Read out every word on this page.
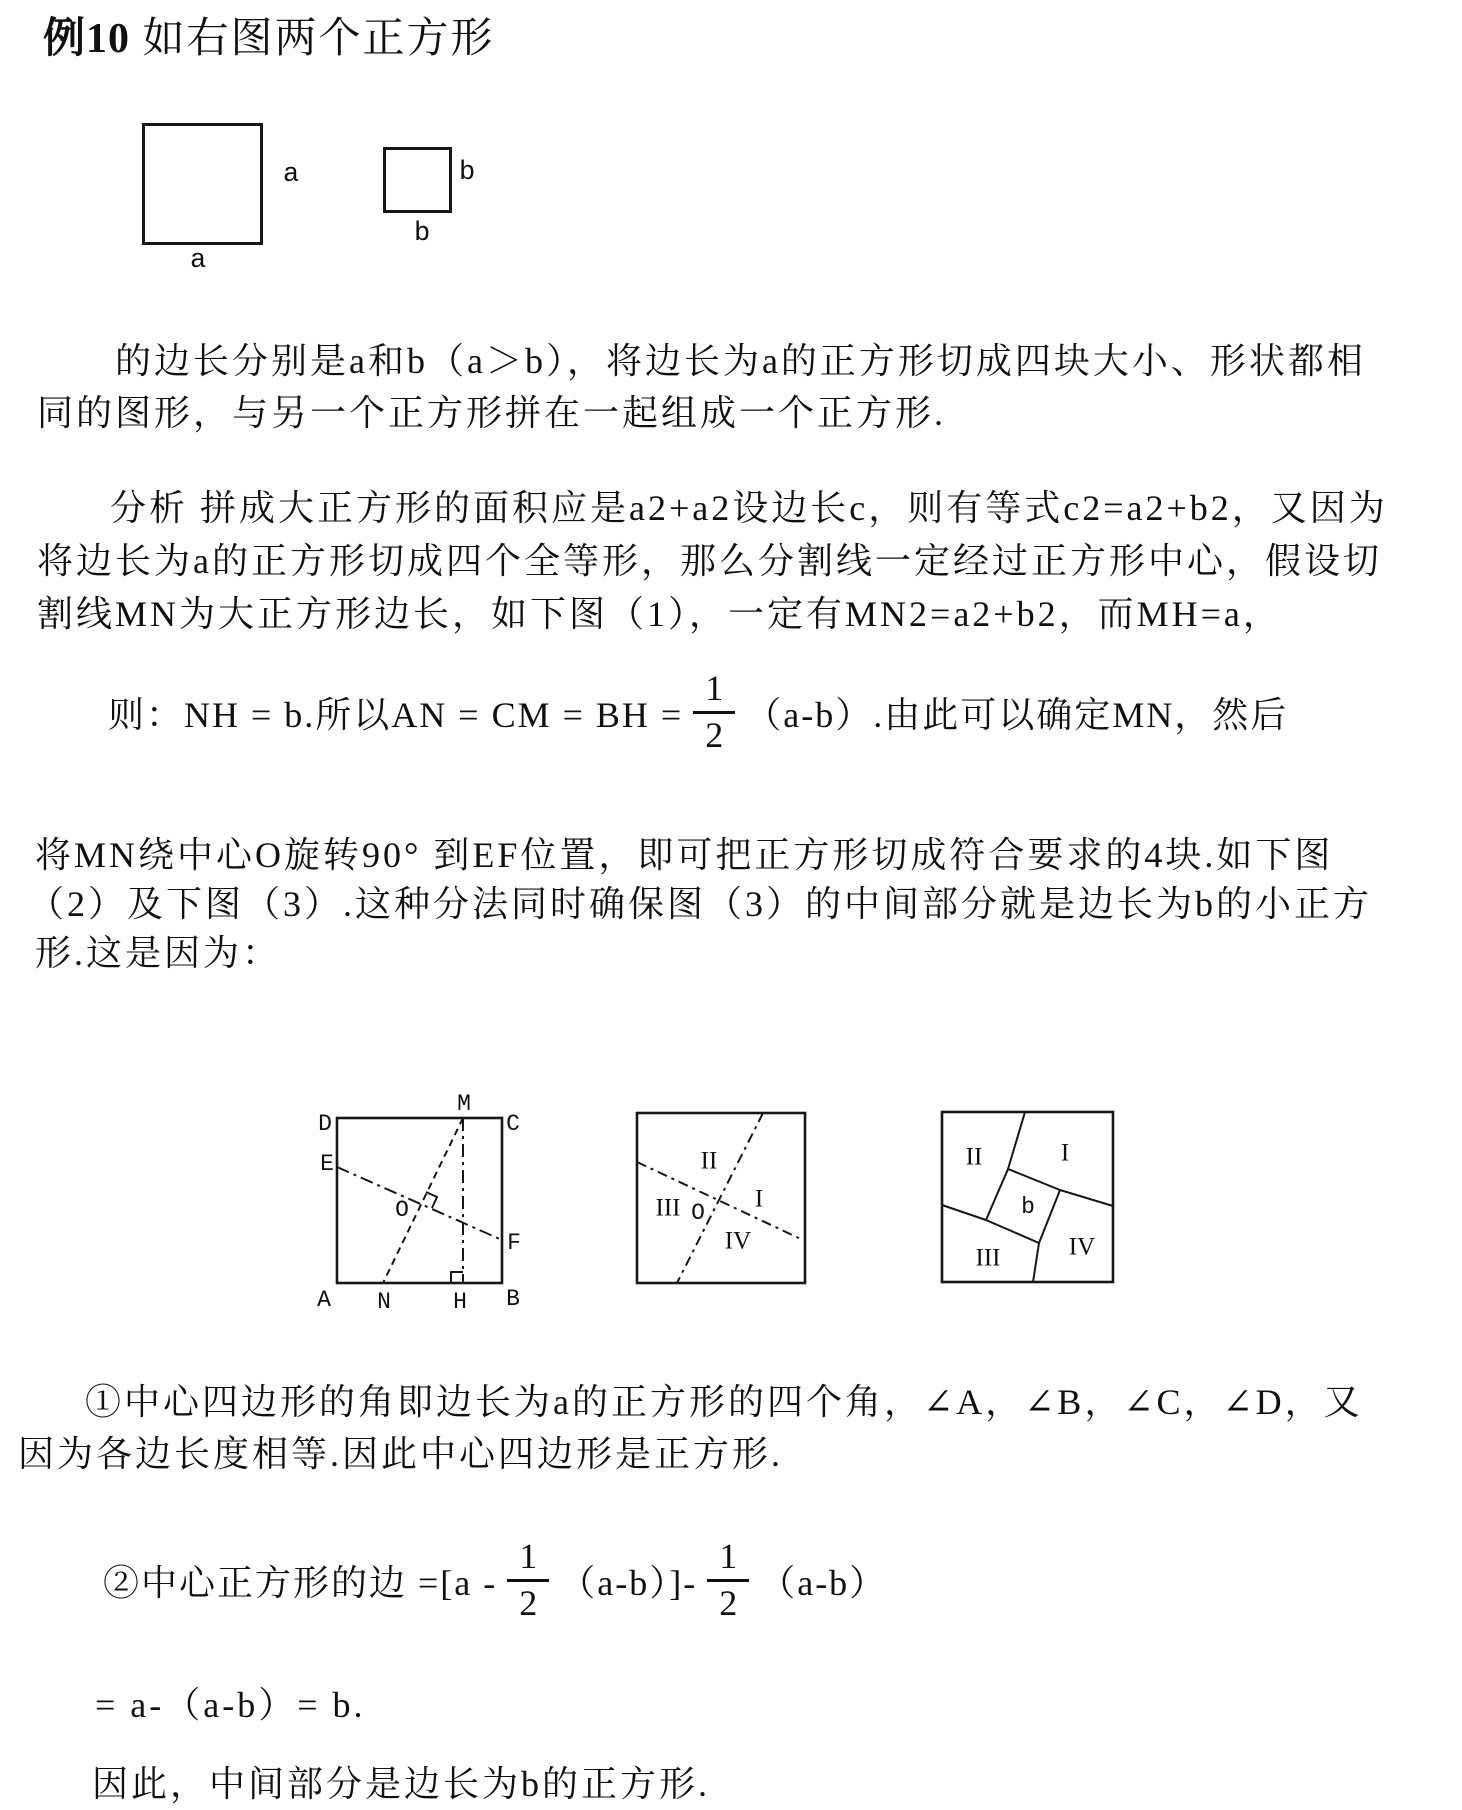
例10 如右图两个正方形
a
a
b
b
的边长分别是a和b（a＞b），将边长为a的正方形切成四块大小、形状都相
同的图形，与另一个正方形拼在一起组成一个正方形.
分析 拼成大正方形的面积应是a2+a2设边长c，则有等式c2=a2+b2，又因为
将边长为a的正方形切成四个全等形，那么分割线一定经过正方形中心，假设切
割线MN为大正方形边长，如下图（1），一定有MN2=a2+b2，而MH=a，
则：NH = b.所以AN = CM = BH = $\frac{1}{2} (a-b)$ .由此可以确定MN，然后
将MN绕中心O旋转90° 到EF位置，即可把正方形切成符合要求的4块.如下图
（2）及下图（3）.这种分法同时确保图（3）的中间部分就是边长为b的小正方
形.这是因为：
D
M
C
E
O
F
A N	H B
II
I
III O
IV
II	I
b
III	IV
①中心四边形的角即边长为a的正方形的四个角，∠A，∠B，∠C，∠D，又
因为各边长度相等.因此中心四边形是正方形.
②中心正方形的边 $=[a - \frac{1}{2} (a-b)]- \frac{1}{2} (a-b)$
= a-（a-b）= b.
因此，中间部分是边长为b的正方形.
